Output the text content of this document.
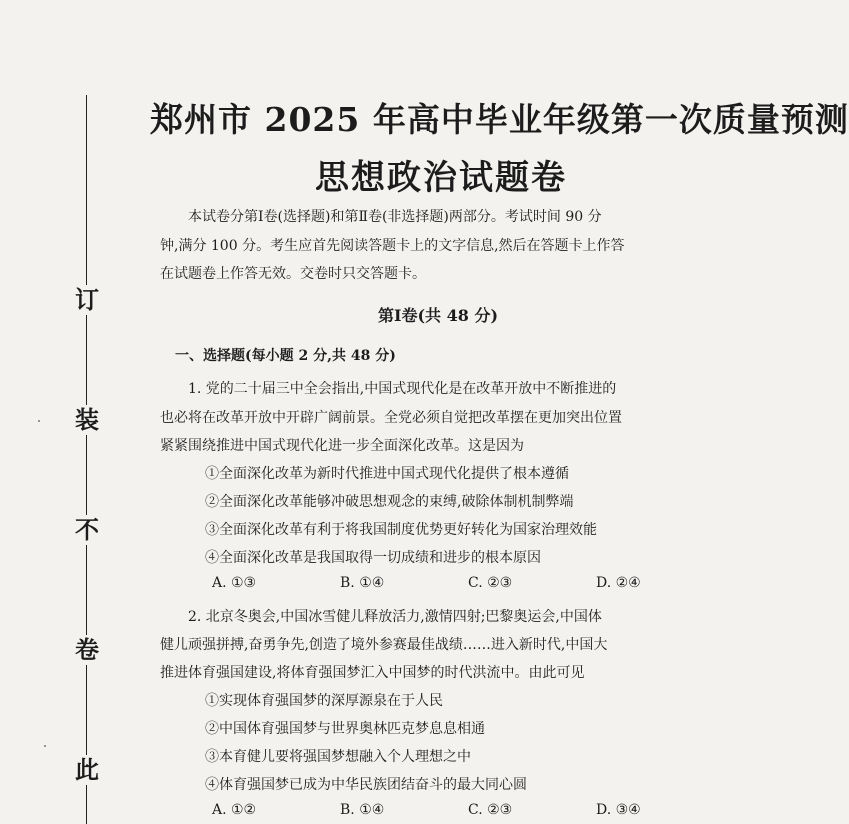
订
装
不
卷
此
郑州市 2025 年高中毕业年级第一次质量预测
思想政治试题卷
本试卷分第Ⅰ卷(选择题)和第Ⅱ卷(非选择题)两部分。考试时间 90 分
钟,满分 100 分。考生应首先阅读答题卡上的文字信息,然后在答题卡上作答
在试题卷上作答无效。交卷时只交答题卡。
第Ⅰ卷(共 48 分)
一、选择题(每小题 2 分,共 48 分)
1. 党的二十届三中全会指出,中国式现代化是在改革开放中不断推进的
也必将在改革开放中开辟广阔前景。全党必须自觉把改革摆在更加突出位置
紧紧围绕推进中国式现代化进一步全面深化改革。这是因为
①全面深化改革为新时代推进中国式现代化提供了根本遵循
②全面深化改革能够冲破思想观念的束缚,破除体制机制弊端
③全面深化改革有利于将我国制度优势更好转化为国家治理效能
④全面深化改革是我国取得一切成绩和进步的根本原因
A. ①③	B. ①④	C. ②③	D. ②④
2. 北京冬奥会,中国冰雪健儿释放活力,激情四射;巴黎奥运会,中国体
健儿顽强拼搏,奋勇争先,创造了境外参赛最佳战绩……进入新时代,中国大
推进体育强国建设,将体育强国梦汇入中国梦的时代洪流中。由此可见
①实现体育强国梦的深厚源泉在于人民
②中国体育强国梦与世界奥林匹克梦息息相通
③本育健儿要将强国梦想融入个人理想之中
④体育强国梦已成为中华民族团结奋斗的最大同心圆
A. ①②	B. ①④	C. ②③	D. ③④
